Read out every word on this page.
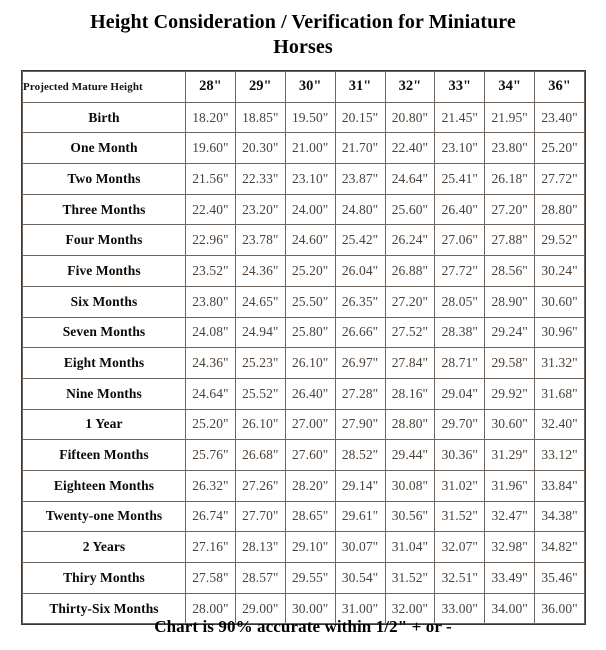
Height Consideration / Verification for Miniature
Horses
Projected Mature Height	28"	29"	30"	31"	32"	33"	34"	36"
Birth	18.20"	18.85"	19.50"	20.15"	20.80"	21.45"	21.95"	23.40"
One Month	19.60"	20.30"	21.00"	21.70"	22.40"	23.10"	23.80"	25.20"
Two Months	21.56"	22.33"	23.10"	23.87"	24.64"	25.41"	26.18"	27.72"
Three Months	22.40"	23.20"	24.00"	24.80"	25.60"	26.40"	27.20"	28.80"
Four Months	22.96"	23.78"	24.60"	25.42"	26.24"	27.06"	27.88"	29.52"
Five Months	23.52"	24.36"	25.20"	26.04"	26.88"	27.72"	28.56"	30.24"
Six Months	23.80"	24.65"	25.50"	26.35"	27.20"	28.05"	28.90"	30.60"
Seven Months	24.08"	24.94"	25.80"	26.66"	27.52"	28.38"	29.24"	30.96"
Eight Months	24.36"	25.23"	26.10"	26.97"	27.84"	28.71"	29.58"	31.32"
Nine Months	24.64"	25.52"	26.40"	27.28"	28.16"	29.04"	29.92"	31.68"
1 Year	25.20"	26.10"	27.00"	27.90"	28.80"	29.70"	30.60"	32.40"
Fifteen Months	25.76"	26.68"	27.60"	28.52"	29.44"	30.36"	31.29"	33.12"
Eighteen Months	26.32"	27.26"	28.20"	29.14"	30.08"	31.02"	31.96"	33.84"
Twenty-one Months	26.74"	27.70"	28.65"	29.61"	30.56"	31.52"	32.47"	34.38"
2 Years	27.16"	28.13"	29.10"	30.07"	31.04"	32.07"	32.98"	34.82"
Thiry Months	27.58"	28.57"	29.55"	30.54"	31.52"	32.51"	33.49"	35.46"
Thirty-Six Months	28.00"	29.00"	30.00"	31.00"	32.00"	33.00"	34.00"	36.00"
Chart is 90% accurate within 1/2" + or -
